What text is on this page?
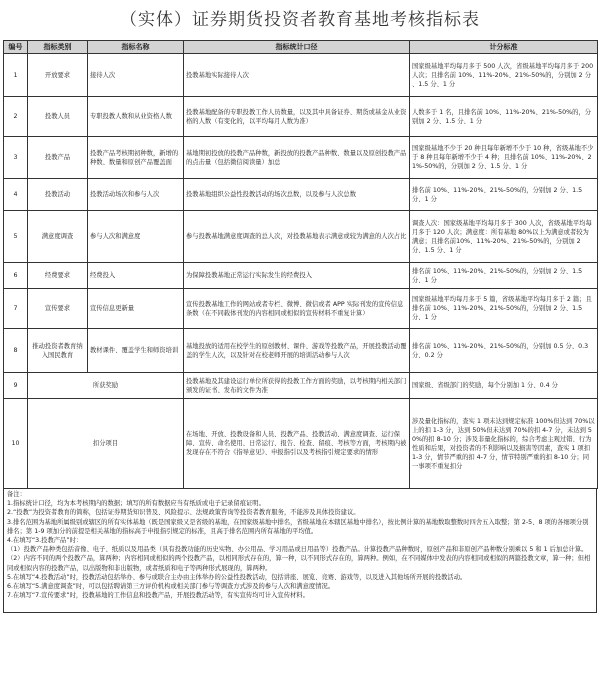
（实体）证券期货投资者教育基地考核指标表
编号	指标类别	指标名称	指标统计口径	计分标准
1	开放要求	接待人次	投教基地实际接待人次	国家级基地平均每月多于 500 人次，省级基地平均每月多于 200 人次；且排名前 10%、11%-20%、21%-50%的，分别加 2 分 、1.5 分、1 分
2	投教人员	专职投教人数和从业资格人数	投教基地配备的专职投教工作人员数量，以及其中具备证券、期货或基金从业资格的人数（有变化的，以平均每月人数为准）	人数多于 1 名，且排名前 10%、11%-20%、21%-50%的，分别加 2 分、1.5 分、1 分
3	投教产品	投教产品考核期初种数，新增的种数、数量和原创产品覆盖面	基地期初投放的投教产品种数，新投放的投教产品种数、数量以及原创投教产品的点击量（包括微信阅读量）加总	国家级基地不少于 20 种且每年新增不少于 10 种，省级基地不少于 8 种且每年新增不少于 4 种；且排名前 10%、11%-20%、21%-50%的，分别加 2 分、1.5 分、1 分
4	投教活动	投教活动场次和参与人次	投教基地组织公益性投教活动的场次总数，以及参与人次总数	排名前 10%、11%-20%、21%-50%的，分别加 2 分、1.5 分、1 分
5	满意度调查	参与人次和满意度	参与投教基地满意度调查的总人次，对投教基地表示满意或较为满意的人次占比	调查人次：国家级基地平均每月多于 300 人次，省级基地平均每月多于 120 人次；满意度：所有基地 80%以上为满意或者较为满意；且排名前10%、11%-20%、21%-50%的，分别加 2 分、1.5 分、1 分
6	经费要求	经费投入	为保障投教基地正常运行实际发生的经费投入	排名前 10%、11%-20%、21%-50%的，分别加 2 分、1.5 分、1 分
7	宣传要求	宣传信息更新量	宣传投教基地工作的网站或者专栏、微博、微信或者 APP 实际刊发的宣传信息条数（在不同载体刊发的内容相同或相似的宣传材料不重复计算）	国家级基地平均每月多于 5 篇，省级基地平均每月多于 2 篇；且排名前 10%、11%-20%、21%-50%的，分别加 2 分、1.5 分、1 分
8	推动投资者教育纳入国民教育	教材课件、覆盖学生和师资培训	基地投放的适用在校学生的原创教材、课件、游戏等投教产品，开展投教活动覆盖的学生人次，以及针对在校老师开展的培训活动参与人次	排名前 10%、11%-20%、21%-50%的，分别加 0.5 分、0.3 分、0.2 分
9	所获奖励		投教基地及其建设运行单位所获得的投教工作方面的奖励，以考核期内相关部门颁发的证书、发布的文件为准	国家级、省级部门的奖励，每个分别加 1 分、0.4 分
10	扣分项目		在场地、开放、投教设备和人员、投教产品、投教活动、满意度调查、运行保障、宣传、命名使用、日常运行、报告、检查、留痕、考核等方面，考核期内被发现存在不符合《指导意见》、申报指引以及考核指引规定要求的情形	涉及量化指标的，查实 1 项未达到规定标准 100%但达到 70%以上的扣 1-3 分，达到 50%但未达到 70%的扣 4-7 分，未达到 50%的扣 8-10 分；涉及非量化指标的，综合考虑主观过错、行为性质和后果，对投资者的不利影响以及损害等因素，查实 1 项扣 1-3 分，情节严重的扣 4-7 分，情节特别严重的扣 8-10 分；同一事项不重复扣分
备注：
1.指标统计口径，均为本考核期内的数据；填写的所有数据应当有纸质或电子记录留痕证明。
2.“投教”为投资者教育的简称，包括证券期货知识普及、风险提示、法规政策咨询等投资者教育服务，不能涉及具体投资建议。
3.排名范围为基地所属级别或辖区的所有实体基地（既是国家级又是省级的基地，在国家级基地中排名，省级基地在本辖区基地中排名），按比例计算的基地数取整数时四舍五入取整；第 2-5、8 项的各细项分别排名；第 1-9 项加分的前提是相关基地的指标高于申报指引规定的标准，且高于排名范围内所有基地的平均值。
4.在填写“3.投教产品”时：
（1）投教产品种类包括音像、电子、纸质以及用品类（具有投教功能的历史实物、办公用品、学习用品或日用品等）投教产品。计算投教产品种数时，原创产品和非原创产品种数分别乘以 5 和 1 后加总计算。
（2）内容不同的两个投教产品，算两种；内容相同或相似的两个投教产品，以相同形式存在的，算一种，以不同形式存在的，算两种。例如，在不同媒体中发表的内容相同或相似的两篇投教文章，算一种；但相同或相似内容的投教产品，以出版物和非出版物，或者纸质和电子等两种形式展现的，算两种。
5.在填写“4.投教活动”时，投教活动包括举办、参与或联合主办由主体举办的公益性投教活动，包括讲座、展览、竞赛、游戏等，以及进入其他场所开展的投教活动。
6.在填写“5.满意度调查”时，可以包括聘请第三方评价机构或相关部门参与等调查方式涉及的参与人次和满意度情况。
7.在填写“7.宣传要求”时，投教基地的工作信息和投教产品，开展投教活动等，有实宣传均可计入宣传材料。
